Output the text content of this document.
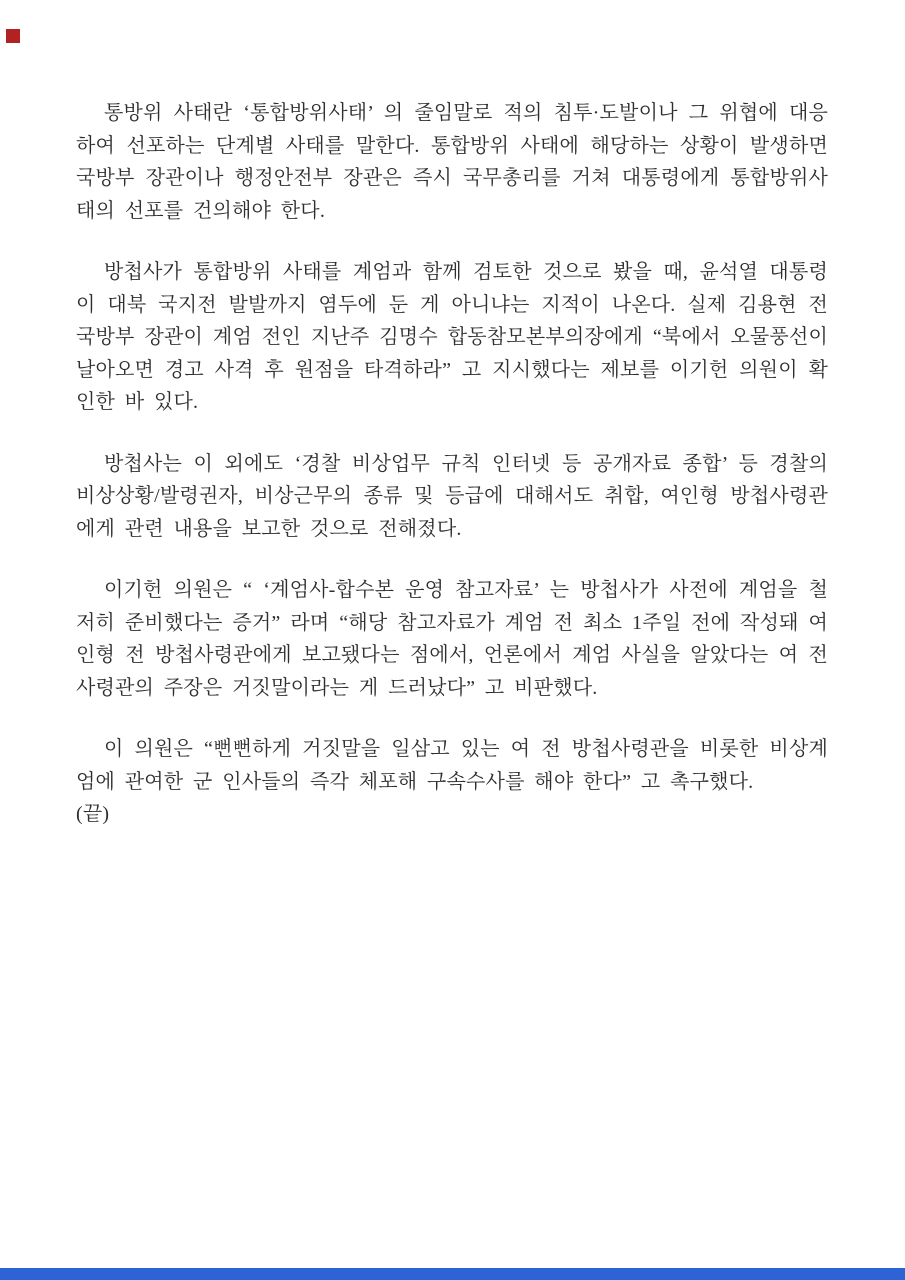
통방위 사태란 ‘통합방위사태’ 의 줄임말로 적의 침투·도발이나 그 위협에 대응하여 선포하는 단계별 사태를 말한다. 통합방위 사태에 해당하는 상황이 발생하면 국방부 장관이나 행정안전부 장관은 즉시 국무총리를 거쳐 대통령에게 통합방위사태의 선포를 건의해야 한다.

방첩사가 통합방위 사태를 계엄과 함께 검토한 것으로 봤을 때, 윤석열 대통령이 대북 국지전 발발까지 염두에 둔 게 아니냐는 지적이 나온다. 실제 김용현 전 국방부 장관이 계엄 전인 지난주 김명수 합동참모본부의장에게 “북에서 오물풍선이 날아오면 경고 사격 후 원점을 타격하라” 고 지시했다는 제보를 이기헌 의원이 확인한 바 있다.

방첩사는 이 외에도 ‘경찰 비상업무 규칙 인터넷 등 공개자료 종합’ 등 경찰의 비상상황/발령권자, 비상근무의 종류 및 등급에 대해서도 취합, 여인형 방첩사령관에게 관련 내용을 보고한 것으로 전해졌다.

이기헌 의원은 “ ‘계엄사-합수본 운영 참고자료’ 는 방첩사가 사전에 계엄을 철저히 준비했다는 증거” 라며 “해당 참고자료가 계엄 전 최소 1주일 전에 작성돼 여인형 전 방첩사령관에게 보고됐다는 점에서, 언론에서 계엄 사실을 알았다는 여 전 사령관의 주장은 거짓말이라는 게 드러났다” 고 비판했다.

이 의원은 “뻔뻔하게 거짓말을 일삼고 있는 여 전 방첩사령관을 비롯한 비상계엄에 관여한 군 인사들의 즉각 체포해 구속수사를 해야 한다” 고 촉구했다.

(끝)
